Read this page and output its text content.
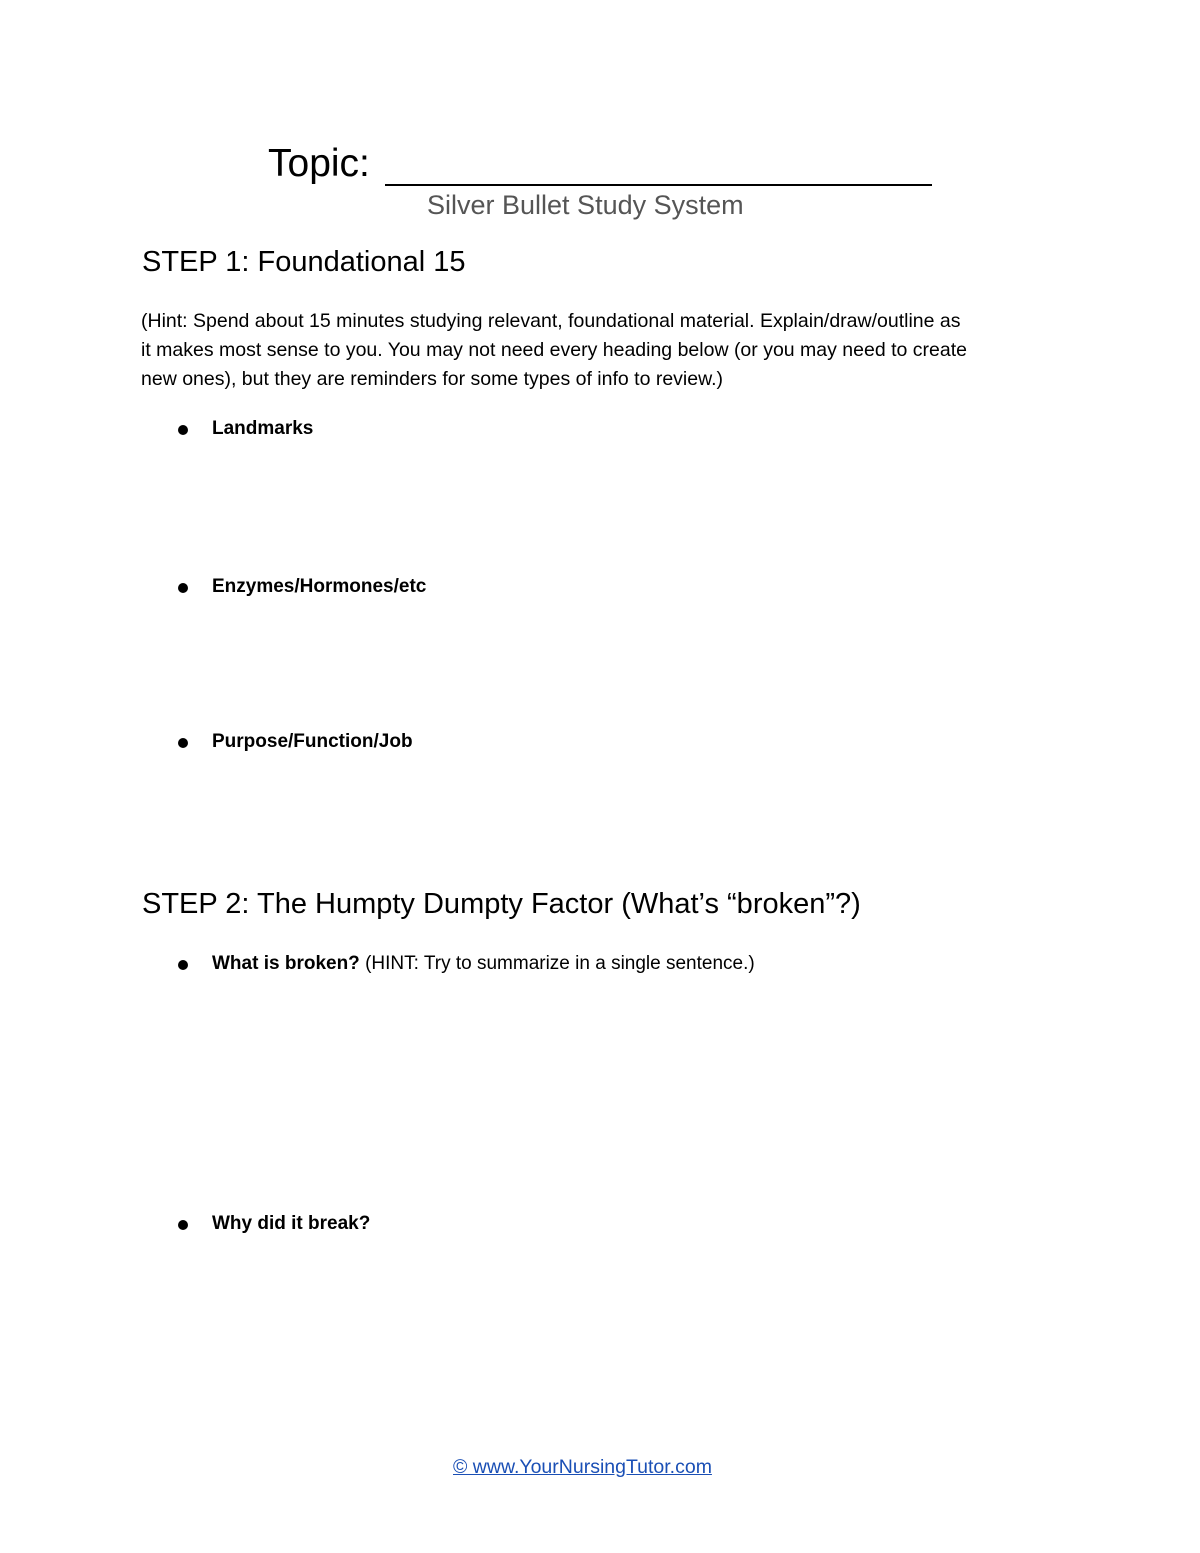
Topic:
Silver Bullet Study System
STEP 1: Foundational 15
(Hint: Spend about 15 minutes studying relevant, foundational material. Explain/draw/outline as
it makes most sense to you. You may not need every heading below (or you may need to create
new ones), but they are reminders for some types of info to review.)
Landmarks
Enzymes/Hormones/etc
Purpose/Function/Job
STEP 2: The Humpty Dumpty Factor (What’s “broken”?)
What is broken? (HINT: Try to summarize in a single sentence.)
Why did it break?
© www.YourNursingTutor.com
